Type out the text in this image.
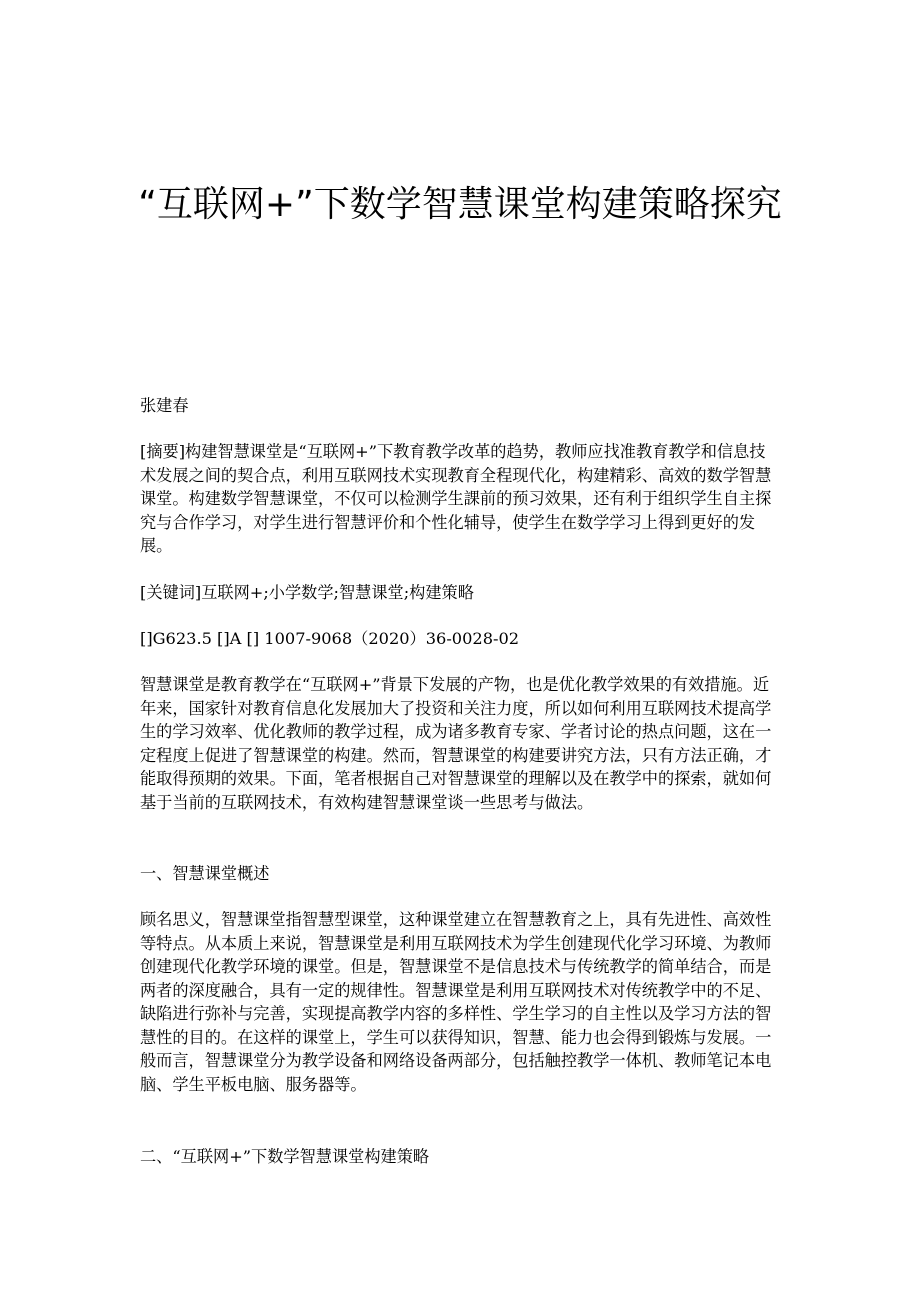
“互联网+”下数学智慧课堂构建策略探究

张建春

[摘要]构建智慧课堂是“互联网+”下教育教学改革的趋势，教师应找准教育教学和信息技术发展之间的契合点，利用互联网技术实现教育全程现代化，构建精彩、高效的数学智慧课堂。构建数学智慧课堂，不仅可以检测学生課前的预习效果，还有利于组织学生自主探究与合作学习，对学生进行智慧评价和个性化辅导，使学生在数学学习上得到更好的发展。

[关键词]互联网+;小学数学;智慧课堂;构建策略

[]G623.5 []A [] 1007-9068（2020）36-0028-02

智慧课堂是教育教学在“互联网+”背景下发展的产物，也是优化教学效果的有效措施。近年来，国家针对教育信息化发展加大了投资和关注力度，所以如何利用互联网技术提高学生的学习效率、优化教师的教学过程，成为诸多教育专家、学者讨论的热点问题，这在一定程度上促进了智慧课堂的构建。然而，智慧课堂的构建要讲究方法，只有方法正确，才能取得预期的效果。下面，笔者根据自己对智慧课堂的理解以及在教学中的探索，就如何基于当前的互联网技术，有效构建智慧课堂谈一些思考与做法。

一、智慧课堂概述

顾名思义，智慧课堂指智慧型课堂，这种课堂建立在智慧教育之上，具有先进性、高效性等特点。从本质上来说，智慧课堂是利用互联网技术为学生创建现代化学习环境、为教师创建现代化教学环境的课堂。但是，智慧课堂不是信息技术与传统教学的简单结合，而是两者的深度融合，具有一定的规律性。智慧课堂是利用互联网技术对传统教学中的不足、缺陷进行弥补与完善，实现提高教学内容的多样性、学生学习的自主性以及学习方法的智慧性的目的。在这样的课堂上，学生可以获得知识，智慧、能力也会得到锻炼与发展。一般而言，智慧课堂分为教学设备和网络设备两部分，包括触控教学一体机、教师笔记本电脑、学生平板电脑、服务器等。

二、“互联网+”下数学智慧课堂构建策略
